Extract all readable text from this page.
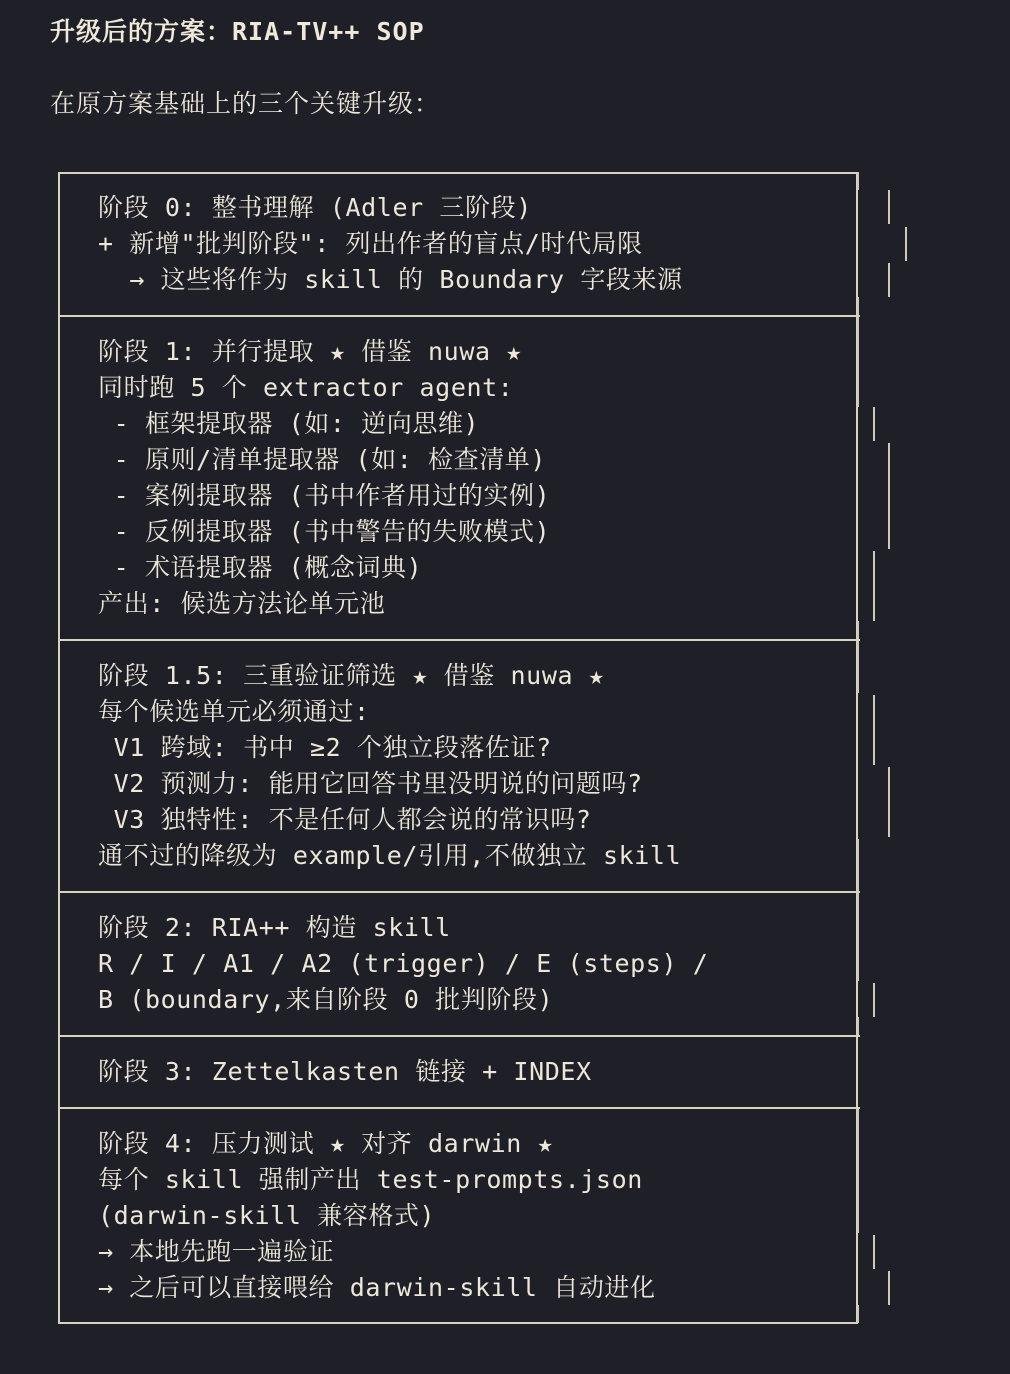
升级后的方案：RIA-TV++ SOP
在原方案基础上的三个关键升级：
阶段 0: 整书理解 (Adler 三阶段)
+ 新增"批判阶段": 列出作者的盲点/时代局限
→ 这些将作为 skill 的 Boundary 字段来源
阶段 1: 并行提取 ★ 借鉴 nuwa ★
同时跑 5 个 extractor agent:
- 框架提取器 (如: 逆向思维)
- 原则/清单提取器 (如: 检查清单)
- 案例提取器 (书中作者用过的实例)
- 反例提取器 (书中警告的失败模式)
- 术语提取器 (概念词典)
产出: 候选方法论单元池
阶段 1.5: 三重验证筛选 ★ 借鉴 nuwa ★
每个候选单元必须通过:
V1 跨域: 书中 ≥2 个独立段落佐证?
V2 预测力: 能用它回答书里没明说的问题吗?
V3 独特性: 不是任何人都会说的常识吗?
通不过的降级为 example/引用,不做独立 skill
阶段 2: RIA++ 构造 skill
R / I / A1 / A2 (trigger) / E (steps) /
B (boundary,来自阶段 0 批判阶段)
阶段 3: Zettelkasten 链接 + INDEX
阶段 4: 压力测试 ★ 对齐 darwin ★
每个 skill 强制产出 test-prompts.json
(darwin-skill 兼容格式)
→ 本地先跑一遍验证
→ 之后可以直接喂给 darwin-skill 自动进化
